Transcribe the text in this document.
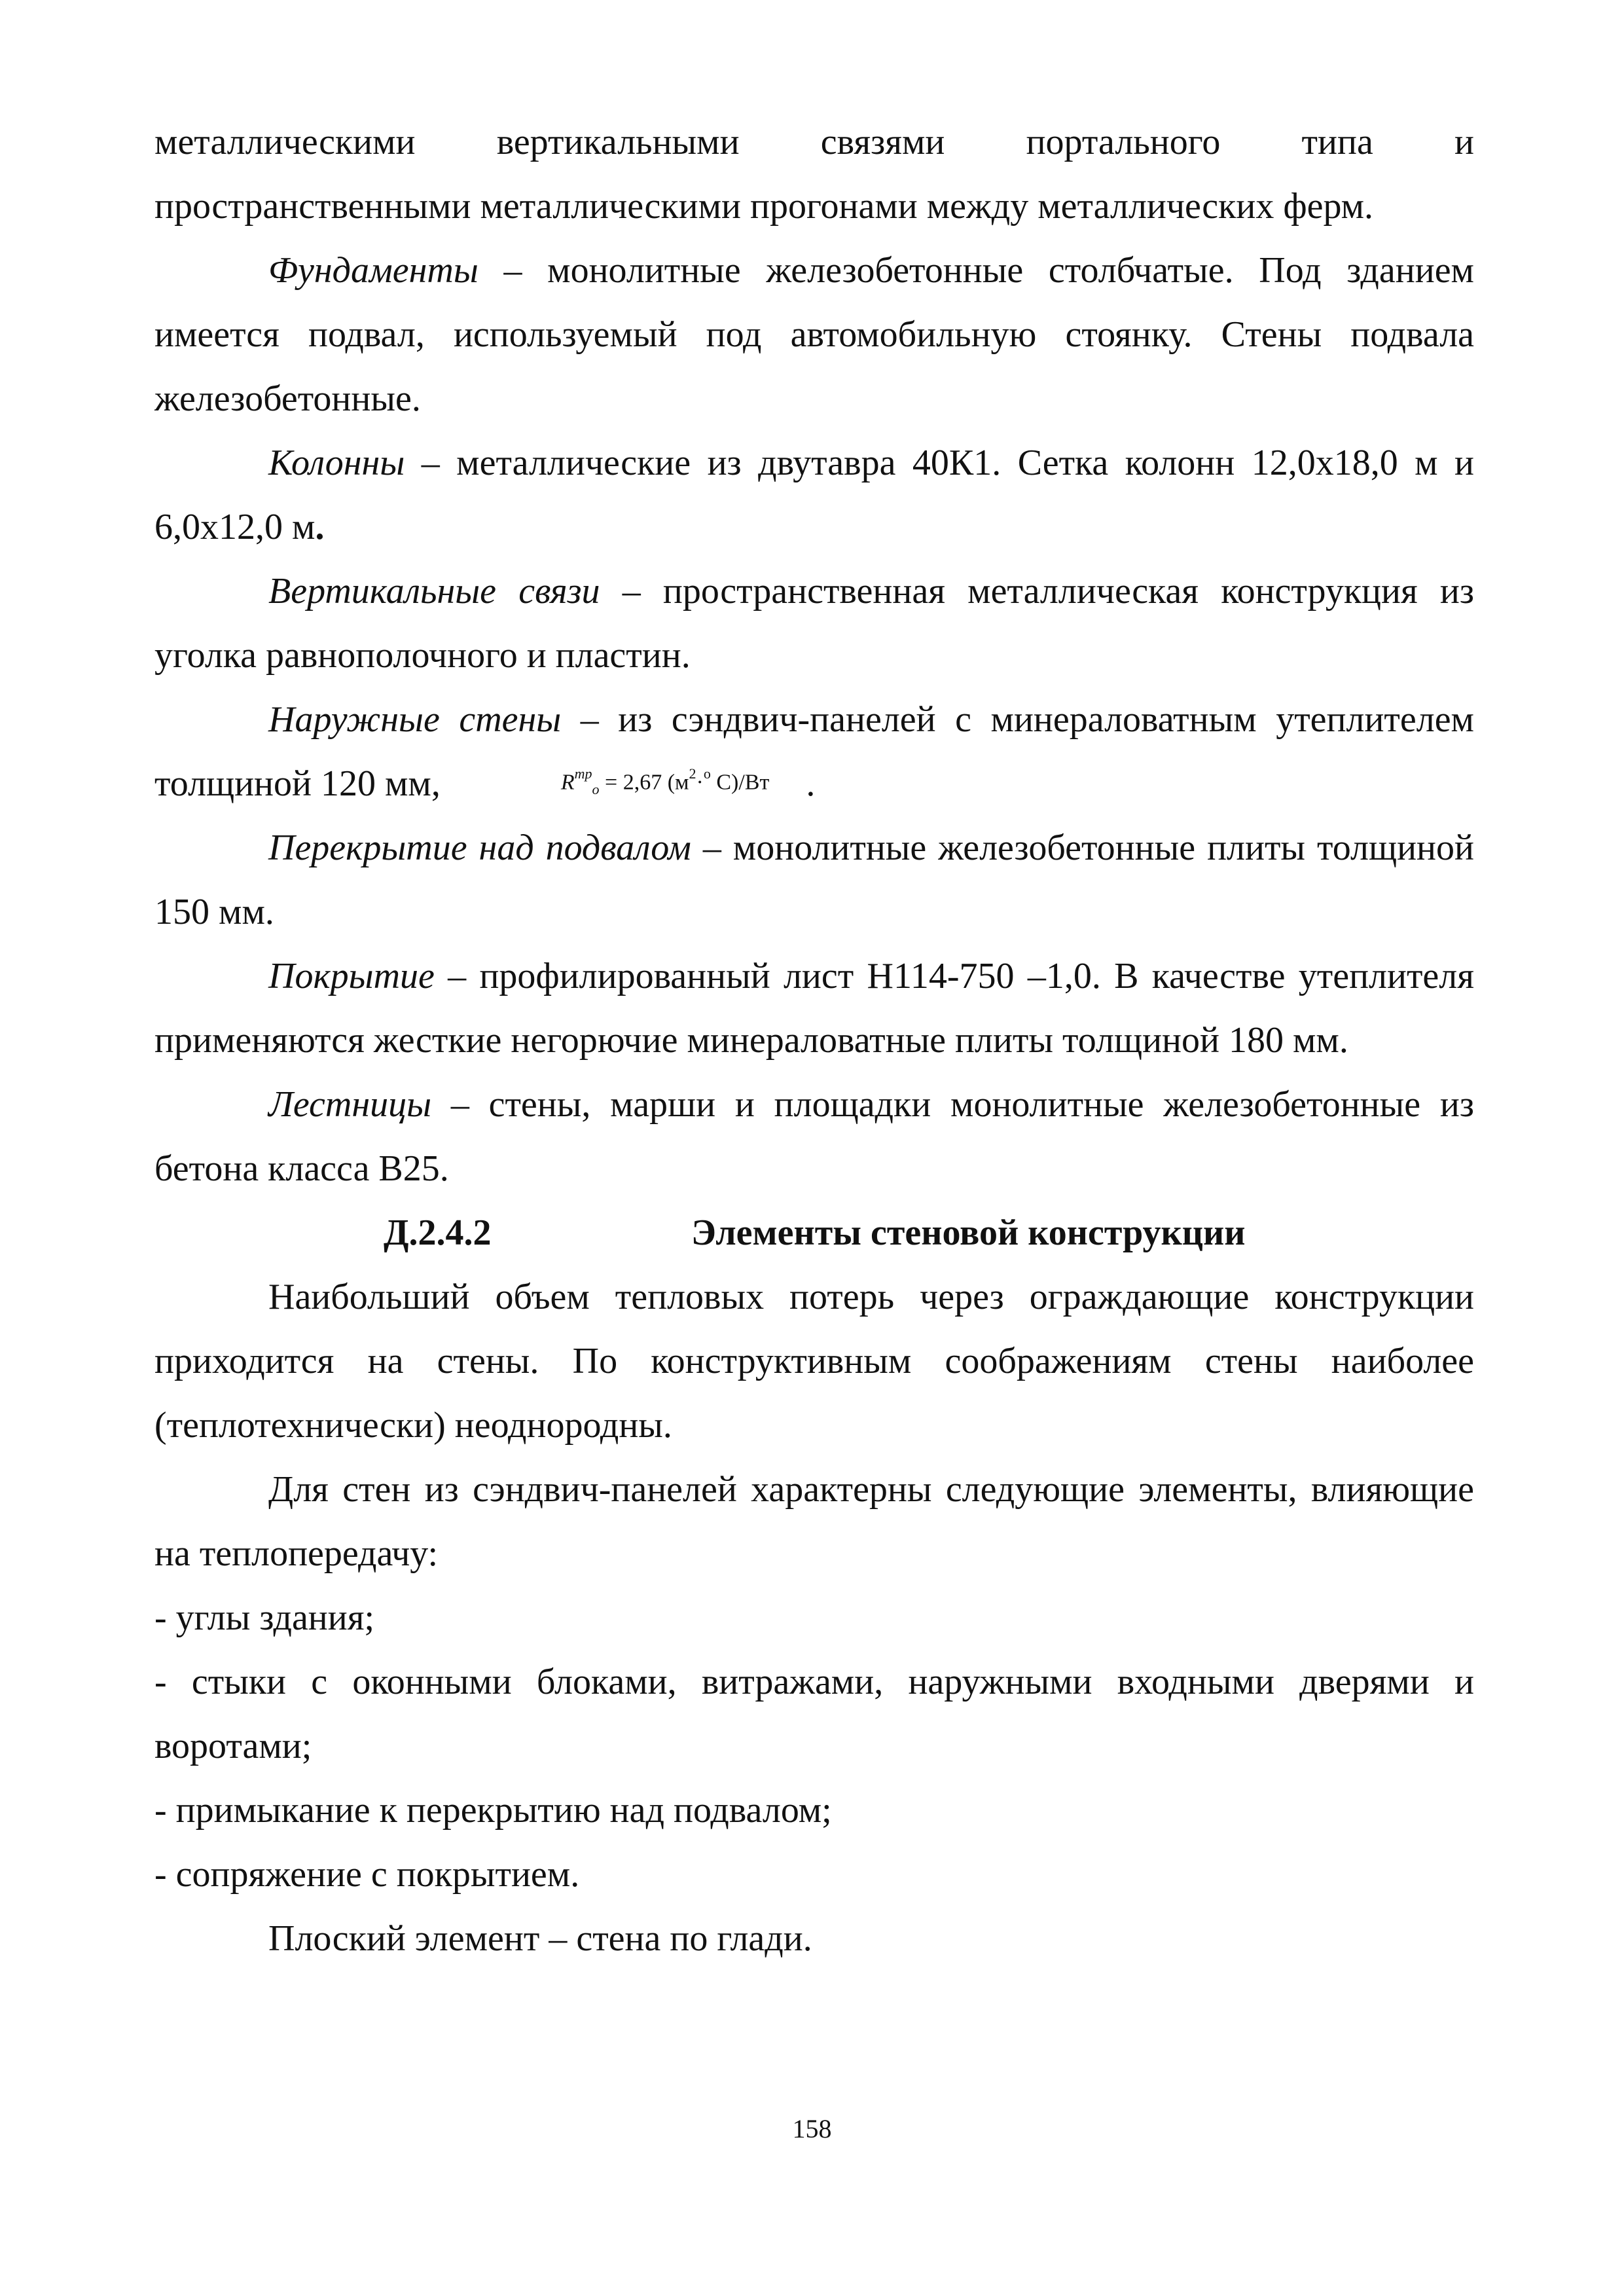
металлическими вертикальными связями портального типа и

пространственными металлическими прогонами между металлических ферм.

Фундаменты – монолитные железобетонные столбчатые. Под зданием имеется подвал, используемый под автомобильную стоянку. Стены подвала железобетонные.

Колонны – металлические из двутавра 40К1. Сетка колонн 12,0х18,0 м и 6,0х12,0 м.

Вертикальные связи – пространственная металлическая конструкция из уголка равнополочного и пластин.

Наружные стены – из сэндвич-панелей с минераловатным утеплителем толщиной 120 мм,	$R^{тр}_о = 2,67$ ($м^2\cdot^о$ С)/Вт .

Перекрытие над подвалом – монолитные железобетонные плиты толщиной 150 мм.

Покрытие – профилированный лист Н114-750 –1,0. В качестве утеплителя применяются жесткие негорючие минераловатные плиты толщиной 180 мм.

Лестницы – стены, марши и площадки монолитные железобетонные из бетона класса В25.

Д.2.4.2	Элементы стеновой конструкции

Наибольший объем тепловых потерь через ограждающие конструкции приходится на стены. По конструктивным соображениям стены наиболее (теплотехнически) неоднородны.

Для стен из сэндвич-панелей характерны следующие элементы, влияющие на теплопередачу:

- углы здания;

- стыки с оконными блоками, витражами, наружными входными дверями и воротами;

- примыкание к перекрытию над подвалом;

- сопряжение с покрытием.

Плоский элемент – стена по глади.

158
